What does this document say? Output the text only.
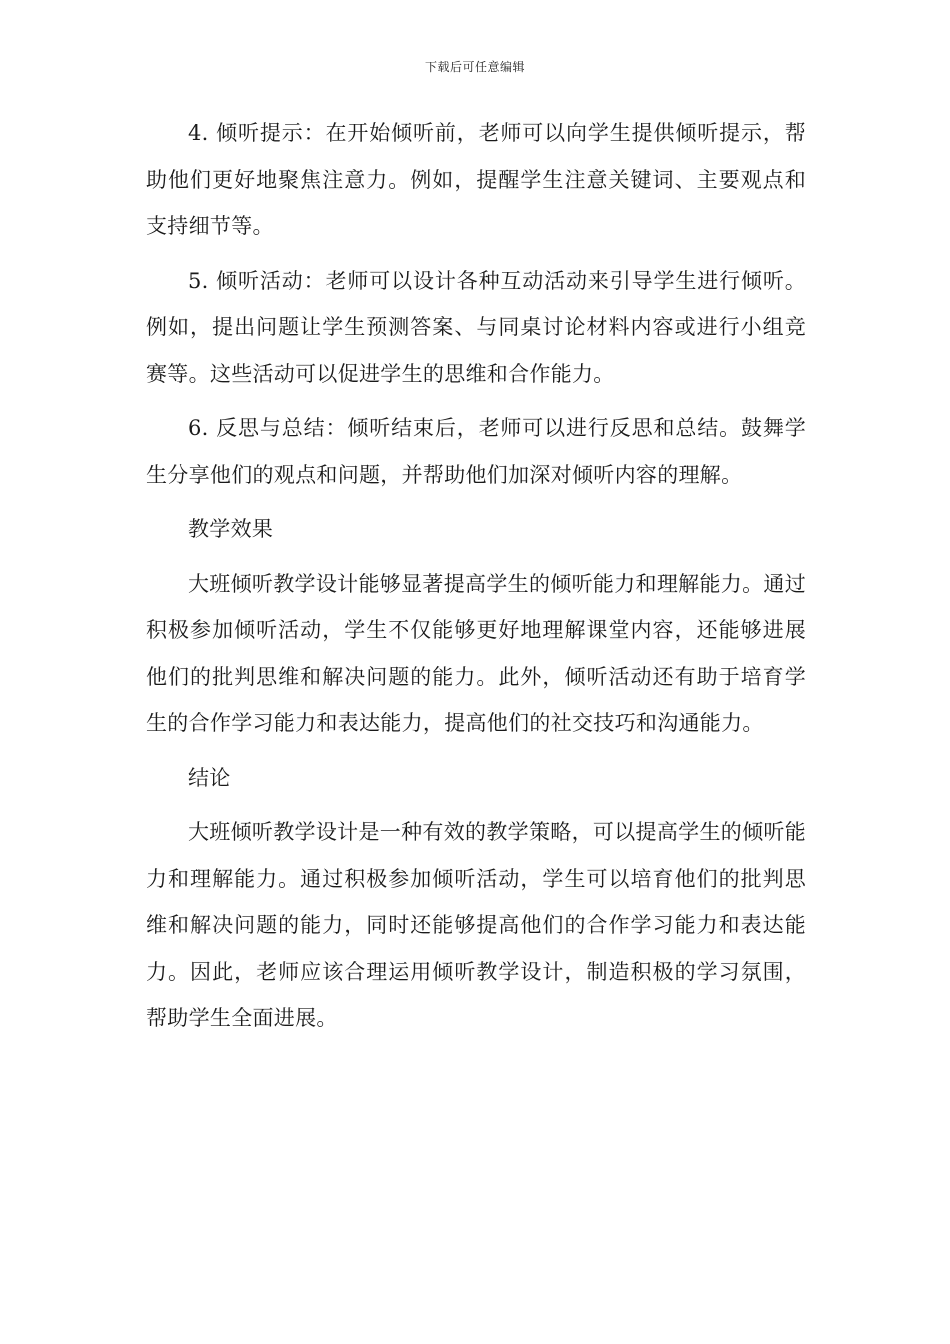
下载后可任意编辑

4. 倾听提示：在开始倾听前，老师可以向学生提供倾听提示，帮助他们更好地聚焦注意力。例如，提醒学生注意关键词、主要观点和支持细节等。

5. 倾听活动：老师可以设计各种互动活动来引导学生进行倾听。例如，提出问题让学生预测答案、与同桌讨论材料内容或进行小组竞赛等。这些活动可以促进学生的思维和合作能力。

6. 反思与总结：倾听结束后，老师可以进行反思和总结。鼓舞学生分享他们的观点和问题，并帮助他们加深对倾听内容的理解。

教学效果

大班倾听教学设计能够显著提高学生的倾听能力和理解能力。通过积极参加倾听活动，学生不仅能够更好地理解课堂内容，还能够进展他们的批判思维和解决问题的能力。此外，倾听活动还有助于培育学生的合作学习能力和表达能力，提高他们的社交技巧和沟通能力。

结论

大班倾听教学设计是一种有效的教学策略，可以提高学生的倾听能力和理解能力。通过积极参加倾听活动，学生可以培育他们的批判思维和解决问题的能力，同时还能够提高他们的合作学习能力和表达能力。因此，老师应该合理运用倾听教学设计，制造积极的学习氛围，帮助学生全面进展。
